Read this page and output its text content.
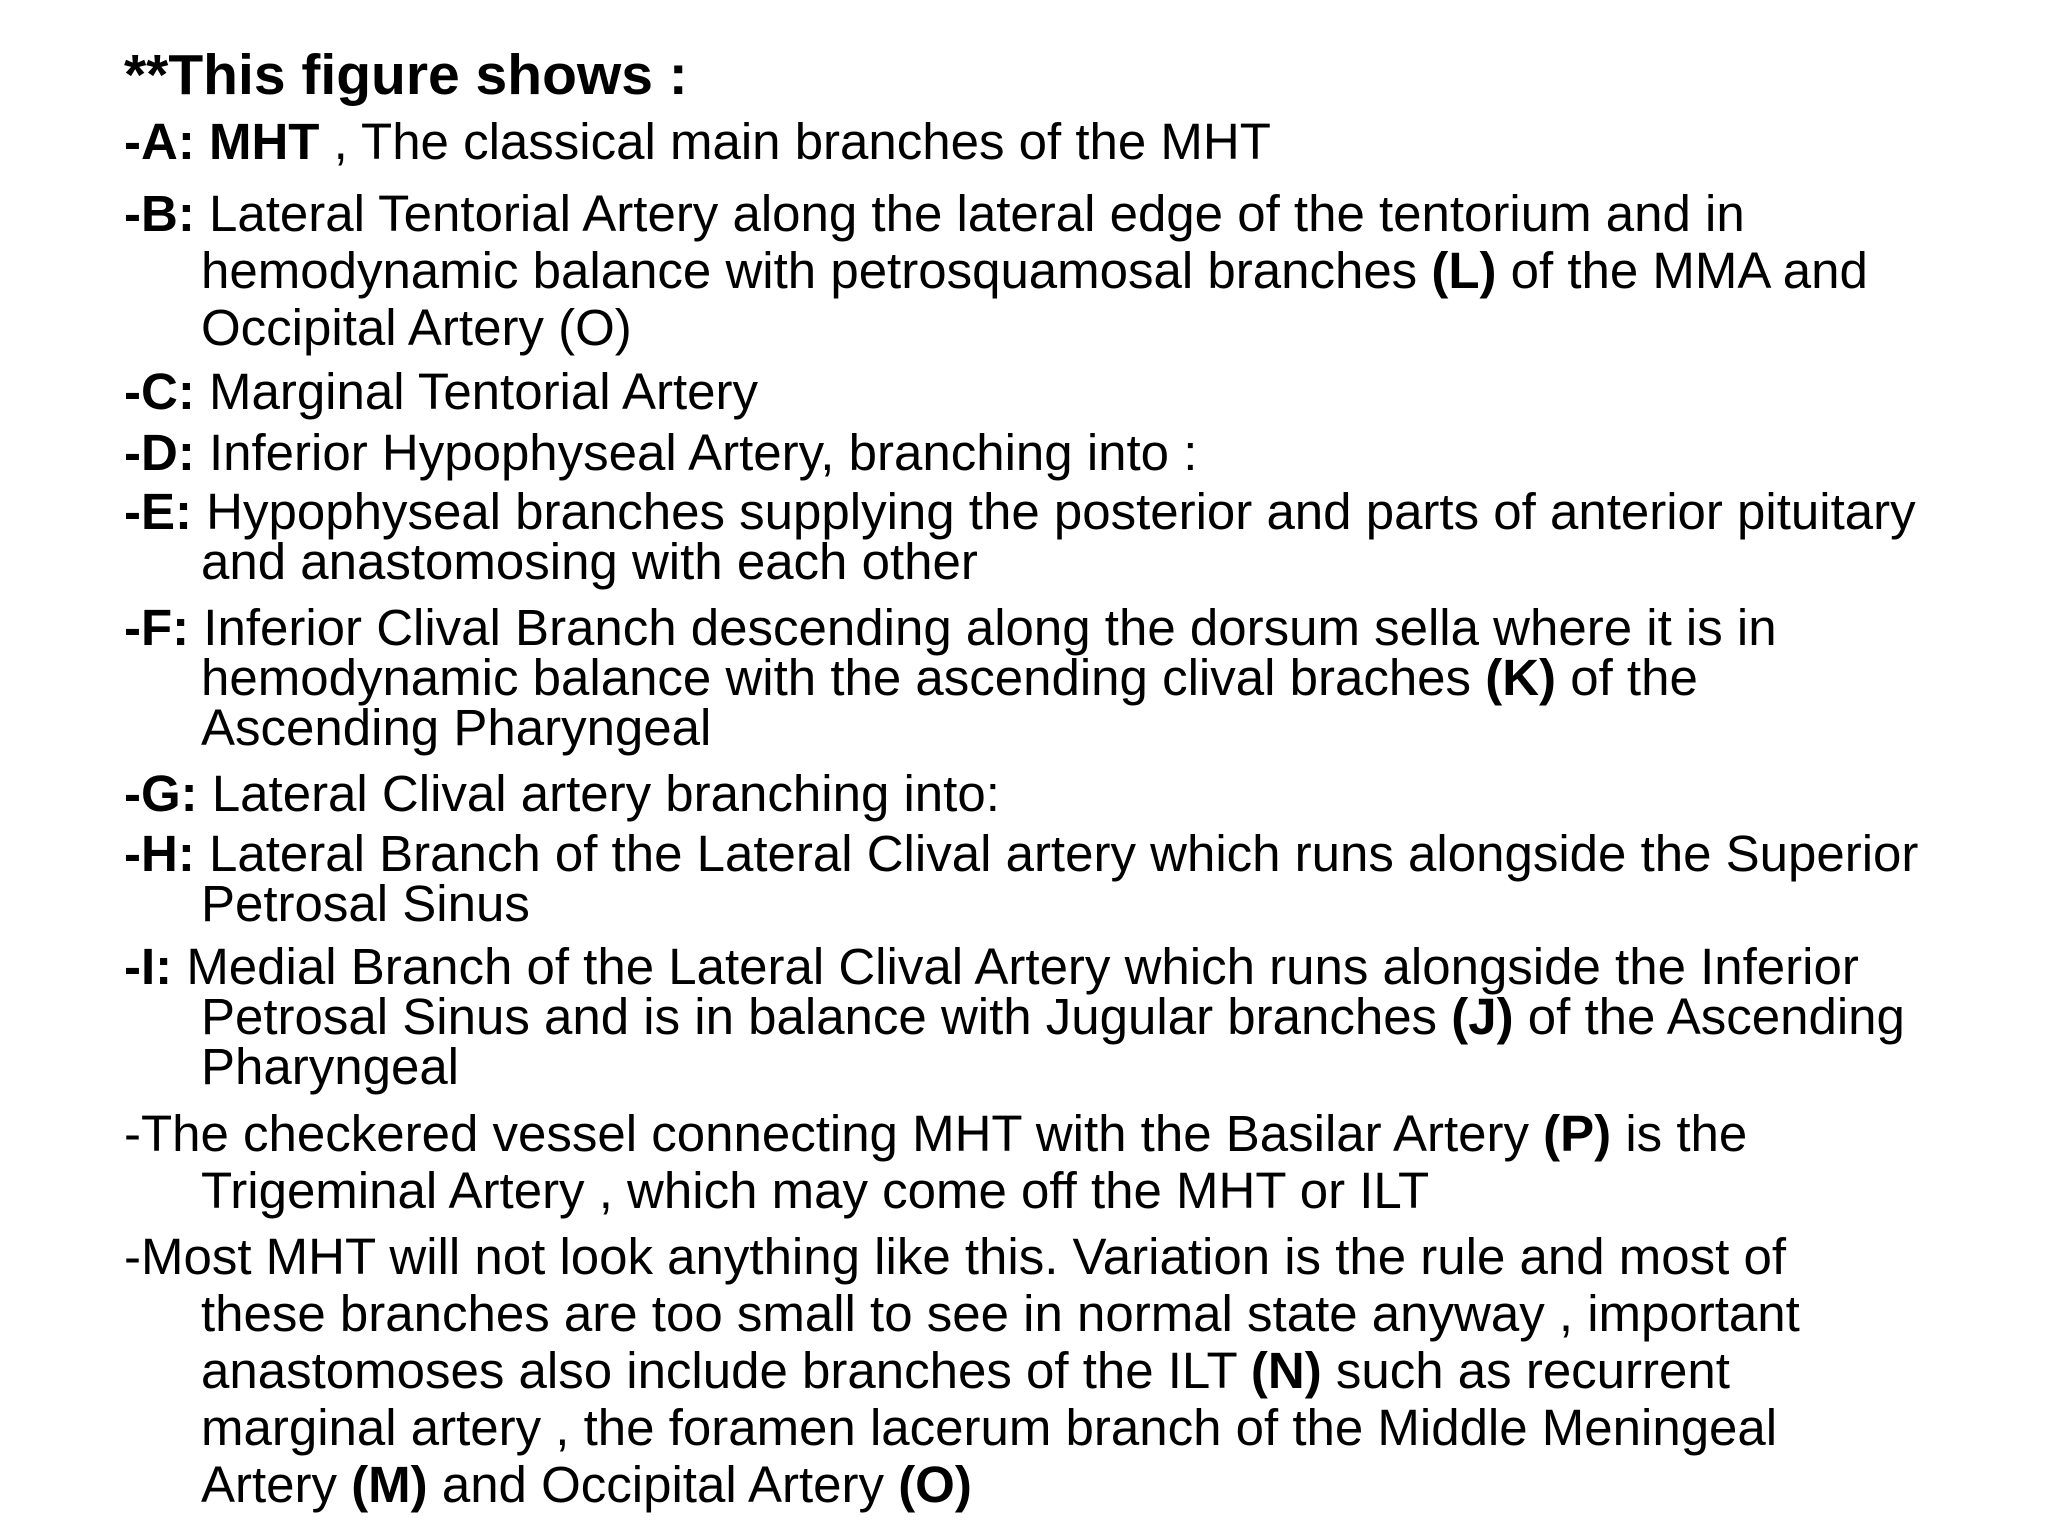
**This figure shows :
-A: MHT , The classical main branches of the MHT
-B: Lateral Tentorial Artery along the lateral edge of the tentorium and in
hemodynamic balance with petrosquamosal branches (L) of the MMA and
Occipital Artery (O)
-C: Marginal Tentorial Artery
-D: Inferior Hypophyseal Artery, branching into :
-E: Hypophyseal branches supplying the posterior and parts of anterior pituitary
and anastomosing with each other
-F: Inferior Clival Branch descending along the dorsum sella where it is in
hemodynamic balance with the ascending clival braches (K) of the
Ascending Pharyngeal
-G: Lateral Clival artery branching into:
-H: Lateral Branch of the Lateral Clival artery which runs alongside the Superior
Petrosal Sinus
-I: Medial Branch of the Lateral Clival Artery which runs alongside the Inferior
Petrosal Sinus and is in balance with Jugular branches (J) of the Ascending
Pharyngeal
-The checkered vessel connecting MHT with the Basilar Artery (P) is the
Trigeminal Artery , which may come off the MHT or ILT
-Most MHT will not look anything like this. Variation is the rule and most of
these branches are too small to see in normal state anyway , important
anastomoses also include branches of the ILT (N) such as recurrent
marginal artery , the foramen lacerum branch of the Middle Meningeal
Artery (M) and Occipital Artery (O)
